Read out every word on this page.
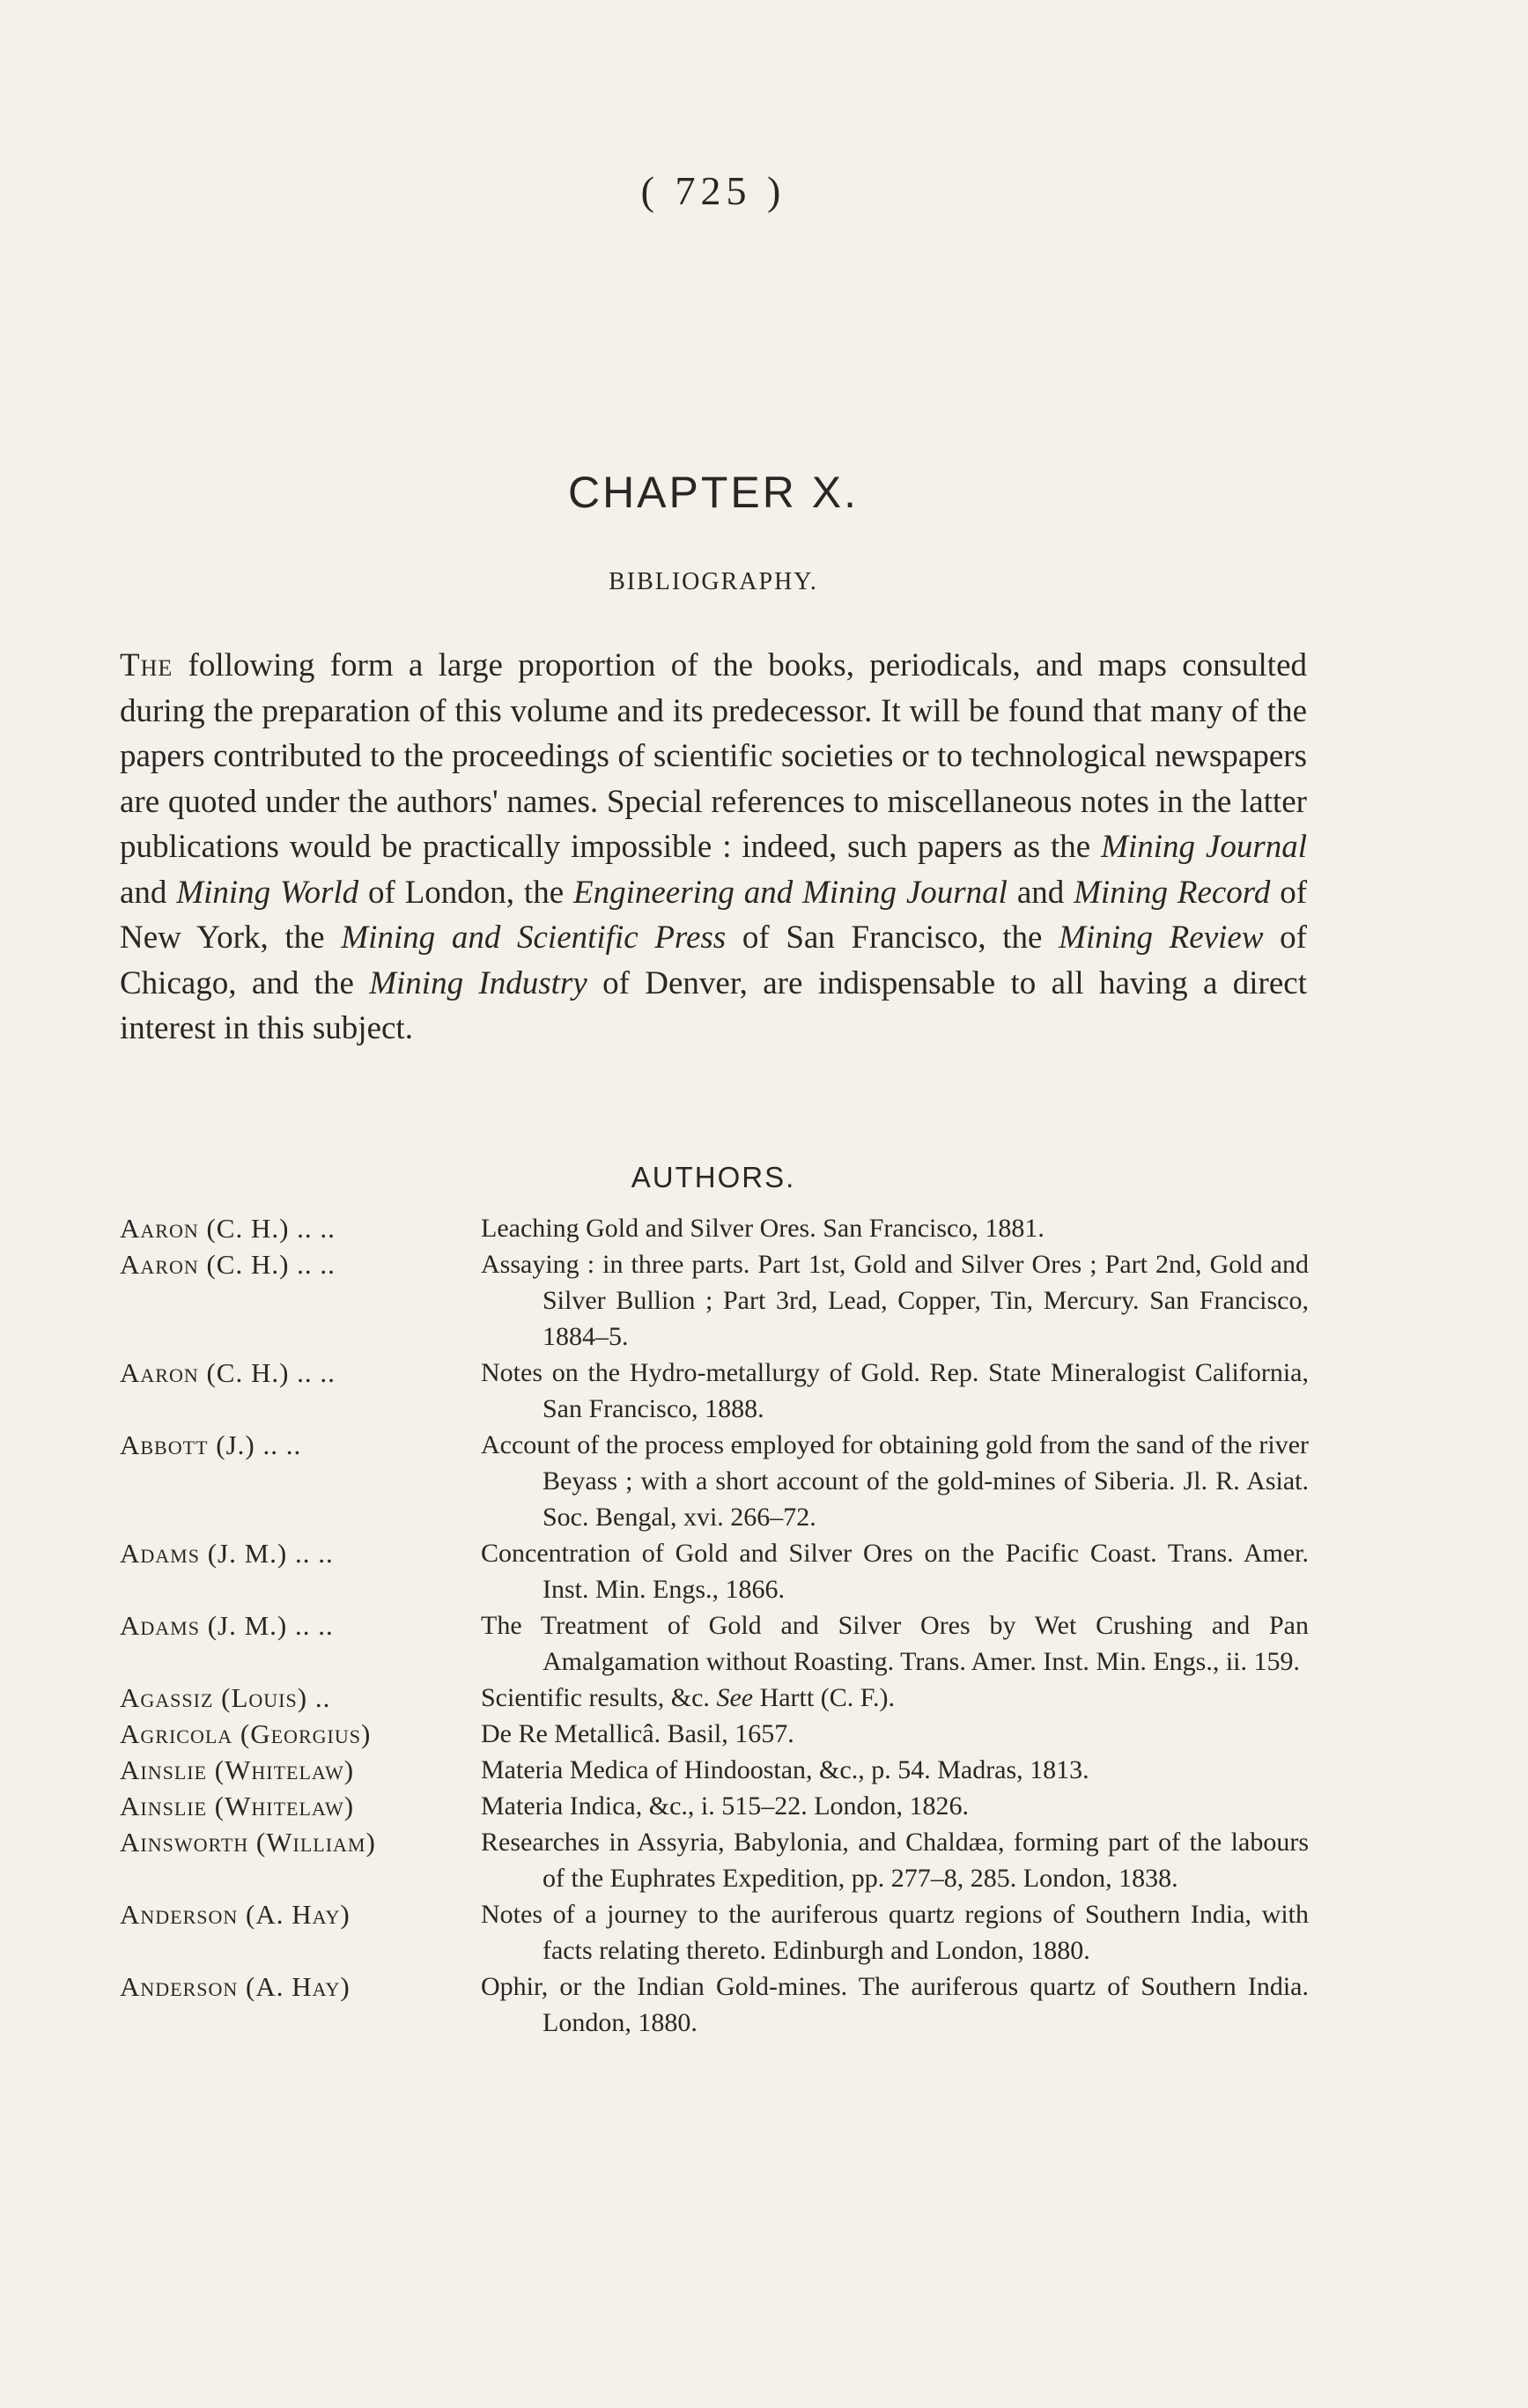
( 725 )
CHAPTER X.
BIBLIOGRAPHY.

The following form a large proportion of the books, periodicals, and maps consulted during the preparation of this volume and its predecessor. It will be found that many of the papers contributed to the proceedings of scientific societies or to technological newspapers are quoted under the authors' names. Special references to miscellaneous notes in the latter publications would be practically impossible : indeed, such papers as the Mining Journal and Mining World of London, the Engineering and Mining Journal and Mining Record of New York, the Mining and Scientific Press of San Francisco, the Mining Review of Chicago, and the Mining Industry of Denver, are indispensable to all having a direct interest in this subject.

AUTHORS.
Aaron (C. H.) .. ..	Leaching Gold and Silver Ores. San Francisco, 1881.
Aaron (C. H.) .. ..	Assaying : in three parts. Part 1st, Gold and Silver Ores ; Part 2nd, Gold and Silver Bullion ; Part 3rd, Lead, Copper, Tin, Mercury. San Francisco, 1884–5.
Aaron (C. H.) .. ..	Notes on the Hydro-metallurgy of Gold. Rep. State Mineralogist California, San Francisco, 1888.
Abbott (J.) .. ..	Account of the process employed for obtaining gold from the sand of the river Beyass ; with a short account of the gold-mines of Siberia. Jl. R. Asiat. Soc. Bengal, xvi. 266–72.
Adams (J. M.) .. ..	Concentration of Gold and Silver Ores on the Pacific Coast. Trans. Amer. Inst. Min. Engs., 1866.
Adams (J. M.) .. ..	The Treatment of Gold and Silver Ores by Wet Crushing and Pan Amalgamation without Roasting. Trans. Amer. Inst. Min. Engs., ii. 159.
Agassiz (Louis) ..	Scientific results, &c. See Hartt (C. F.).
Agricola (Georgius)	De Re Metallicâ. Basil, 1657.
Ainslie (Whitelaw)	Materia Medica of Hindoostan, &c., p. 54. Madras, 1813.
Ainslie (Whitelaw)	Materia Indica, &c., i. 515–22. London, 1826.
Ainsworth (William)	Researches in Assyria, Babylonia, and Chaldæa, forming part of the labours of the Euphrates Expedition, pp. 277–8, 285. London, 1838.
Anderson (A. Hay)	Notes of a journey to the auriferous quartz regions of Southern India, with facts relating thereto. Edinburgh and London, 1880.
Anderson (A. Hay)	Ophir, or the Indian Gold-mines. The auriferous quartz of Southern India. London, 1880.
